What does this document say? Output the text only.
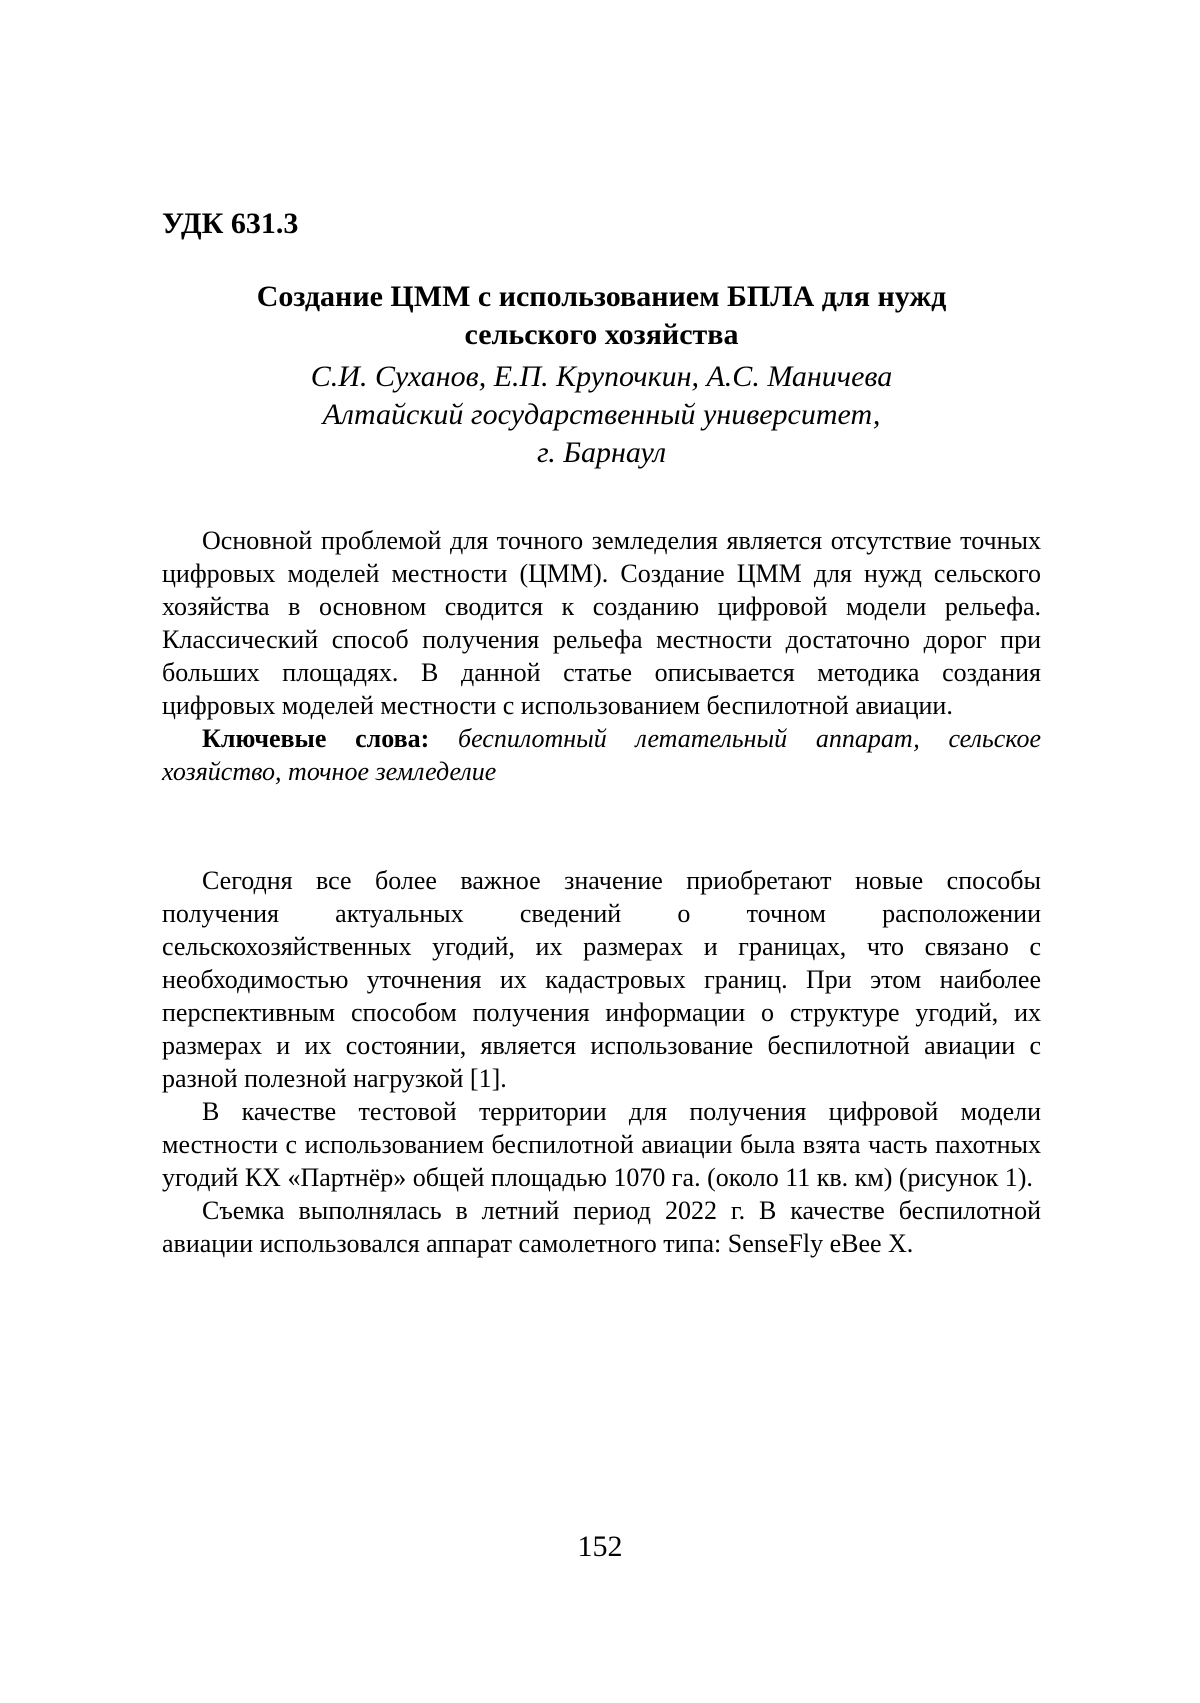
УДК 631.3
Создание ЦММ с использованием БПЛА для нужд
сельского хозяйства

С.И. Суханов, Е.П. Крупочкин, А.С. Маничева
Алтайский государственный университет,
г. Барнаул

Основной проблемой для точного земледелия является отсутствие точных цифровых моделей местности (ЦММ). Создание ЦММ для нужд сельского хозяйства в основном сводится к созданию цифровой модели рельефа. Классический способ получения рельефа местности достаточно дорог при больших площадях. В данной статье описывается методика создания цифровых моделей местности с использованием беспилотной авиации.

Ключевые слова: беспилотный летательный аппарат, сельское хозяйство, точное земледелие

Сегодня все более важное значение приобретают новые способы получения актуальных сведений о точном расположении сельскохозяйственных угодий, их размерах и границах, что связано с необходимостью уточнения их кадастровых границ. При этом наиболее перспективным способом получения информации о структуре угодий, их размерах и их состоянии, является использование беспилотной авиации с разной полезной нагрузкой [1].

В качестве тестовой территории для получения цифровой модели местности с использованием беспилотной авиации была взята часть пахотных угодий КХ «Партнёр» общей площадью 1070 га. (около 11 кв. км) (рисунок 1).

Съемка выполнялась в летний период 2022 г. В качестве беспилотной авиации использовался аппарат самолетного типа: SenseFly eBee X.

152
